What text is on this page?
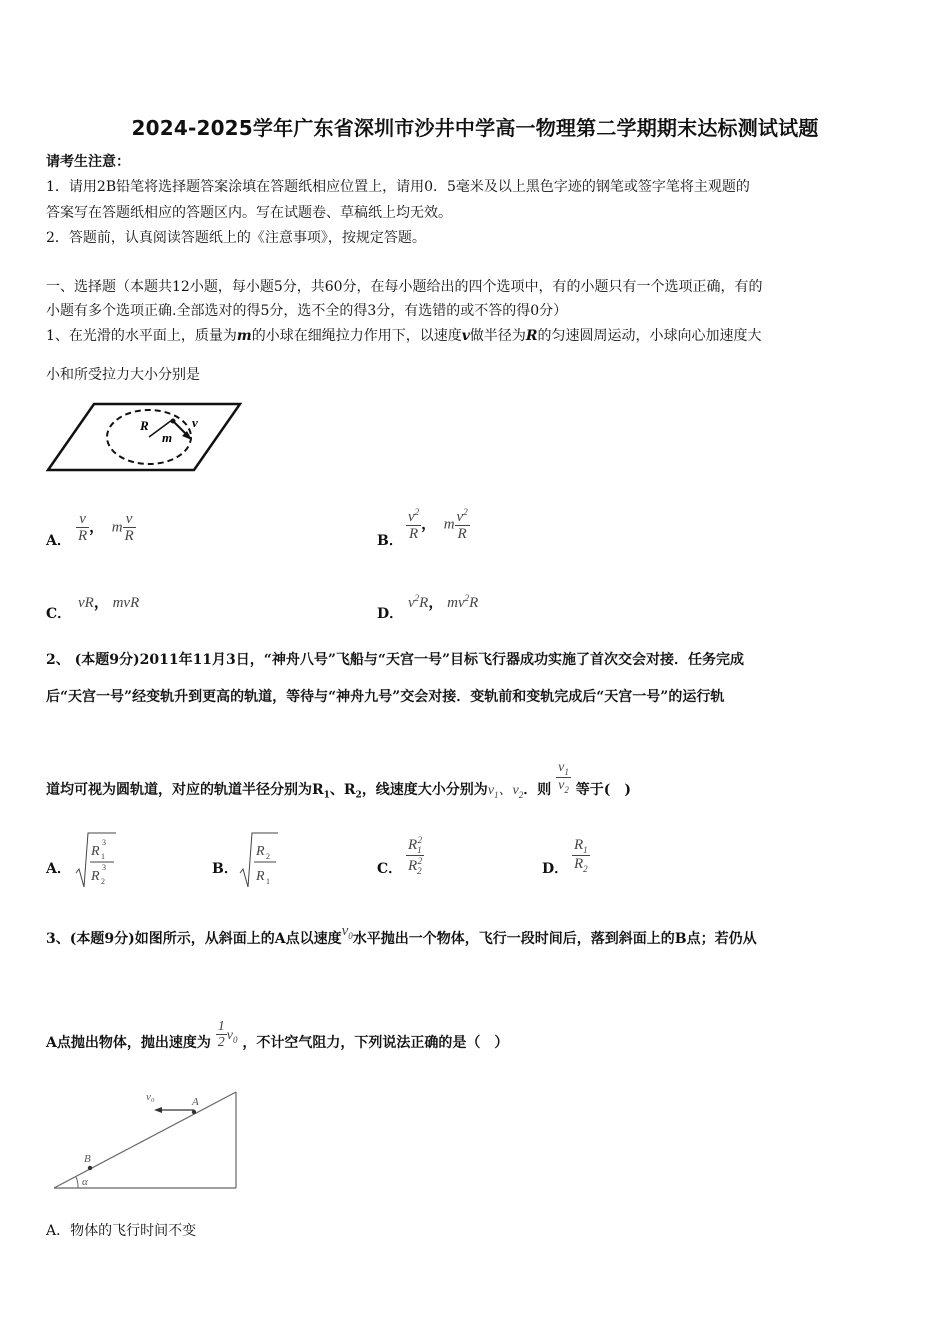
2024-2025学年广东省深圳市沙井中学高一物理第二学期期末达标测试试题
请考生注意：
1．请用2B铅笔将选择题答案涂填在答题纸相应位置上，请用0．5毫米及以上黑色字迹的钢笔或签字笔将主观题的
答案写在答题纸相应的答题区内。写在试题卷、草稿纸上均无效。
2．答题前，认真阅读答题纸上的《注意事项》，按规定答题。
一、选择题（本题共12小题，每小题5分，共60分，在每小题给出的四个选项中，有的小题只有一个选项正确，有的
小题有多个选项正确.全部选对的得5分，选不全的得3分，有选错的或不答的得0分）
1、在光滑的水平面上，质量为m的小球在细绳拉力作用下，以速度v做半径为R的匀速圆周运动，小球向心加速度大
小和所受拉力大小分别是
R	v
m
A． $\frac{v}{R}$ ， m $\frac{v}{R}$	B． $\frac{v^2}{R}$ ， m $\frac{v^2}{R}$
C．
vR， mvR
D．
$v^2R$， $mv^2R$
2、 (本题9分)2011年11月3日，“神舟八号”飞船与“天宫一号”目标飞行器成功实施了首次交会对接．任务完成
后“天宫一号”经变轨升到更高的轨道，等待与“神舟九号”交会对接．变轨前和变轨完成后“天宫一号”的运行轨
道均可视为圆轨道，对应的轨道半径分别为$R_1$、$R_2$，线速度大小分别为$v_1$、$v_2$．则 $\frac{v_1}{v_2}$ 等于(　)
A．
R 1
3
R 2
3	B．
R 2
R 1
C． $\frac{R_1^2}{R_2^2}$	D． $\frac{R_1}{R_2}$
3、(本题9分)如图所示，从斜面上的A点以速度$v_0$水平抛出一个物体，飞行一段时间后，落到斜面上的B点；若仍从
A点抛出物体，抛出速度为 $\frac{1}{2} v_0$ ，不计空气阻力，下列说法正确的是（　）
v₀	A
B
α
A．物体的飞行时间不变
